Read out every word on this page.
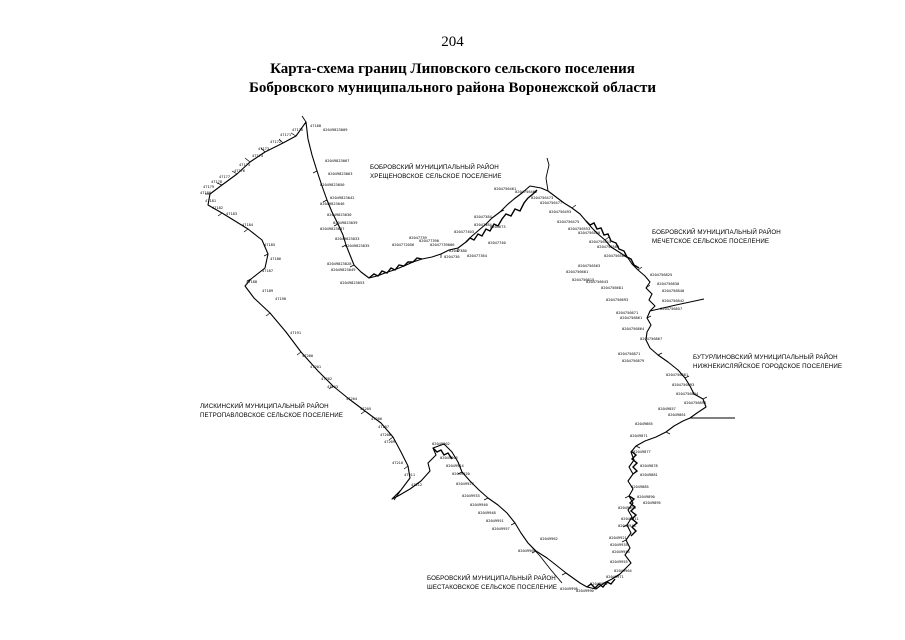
204
Карта-схема границ Липовского сельского поселения
Бобровского муниципального района Воронежской области
БОБРОВСКИЙ МУНИЦИПАЛЬНЫЙ РАЙОН
ХРЕЩЕНОВСКОЕ СЕЛЬСКОЕ ПОСЕЛЕНИЕ
БОБРОВСКИЙ МУНИЦИПАЛЬНЫЙ РАЙОН
МЕЧЕТСКОЕ СЕЛЬСКОЕ ПОСЕЛЕНИЕ
БУТУРЛИНОВСКИЙ МУНИЦИПАЛЬНЫЙ РАЙОН
НИЖНЕКИСЛЯЙСКОЕ ГОРОДСКОЕ ПОСЕЛЕНИЕ
ЛИСКИНСКИЙ МУНИЦИПАЛЬНЫЙ РАЙОН
ПЕТРОПАВЛОВСКОЕ СЕЛЬСКОЕ ПОСЕЛЕНИЕ
БОБРОВСКИЙ МУНИЦИПАЛЬНЫЙ РАЙОН
ШЕСТАКОВСКОЕ СЕЛЬСКОЕ ПОСЕЛЕНИЕ
47168
02049823009
47170
47171
47172
47173
47174
47175
47176
47177
47178
47179
47180
47181
47182
47183
47184
47185
47186
47187
47188
47189
47190
47191
02049823067
02049823063
02049823050
02049823042
02049823046
02049823030
02049823039
02049823037
02049823033
02049823035
02049823028
02049823049
02049823053
0204772056
02047739
020477390
02047739006
0204736
02047380
020477364
02047740
0204673
02047384
02047384
020477403
0204756461
0204756462
0204756473
0204756477
0204756493
0204756475
0204756553
0204756520
0204756515
0204756500
0204756505
0204756563
0204756601
0204756615
0204756643
0204756681
0204756693
0204756671
0204756825
0204756830
0204756840
0204756842
0204756857
0204756861
0204756864
0204756867
0204756871
0204756879
0204756881
0204756893
0204756894
0204756896
02049857
02049861
02049865
02049871
02049877
02049878
02049881
02049885
02049890
02049895
02049903
02049911
02049918
02049921
02049935
02049946
02049955
02049964
02049971
02049982
02049990
02049998
47200
47201
47202
47203
47204
47205
47206
47207
47208
47209
47210
47211
47212
02049902
02049906
02049914
02049920
02049927
02049933
02049940
02049948
02049951
02049957
02049962
02049969
